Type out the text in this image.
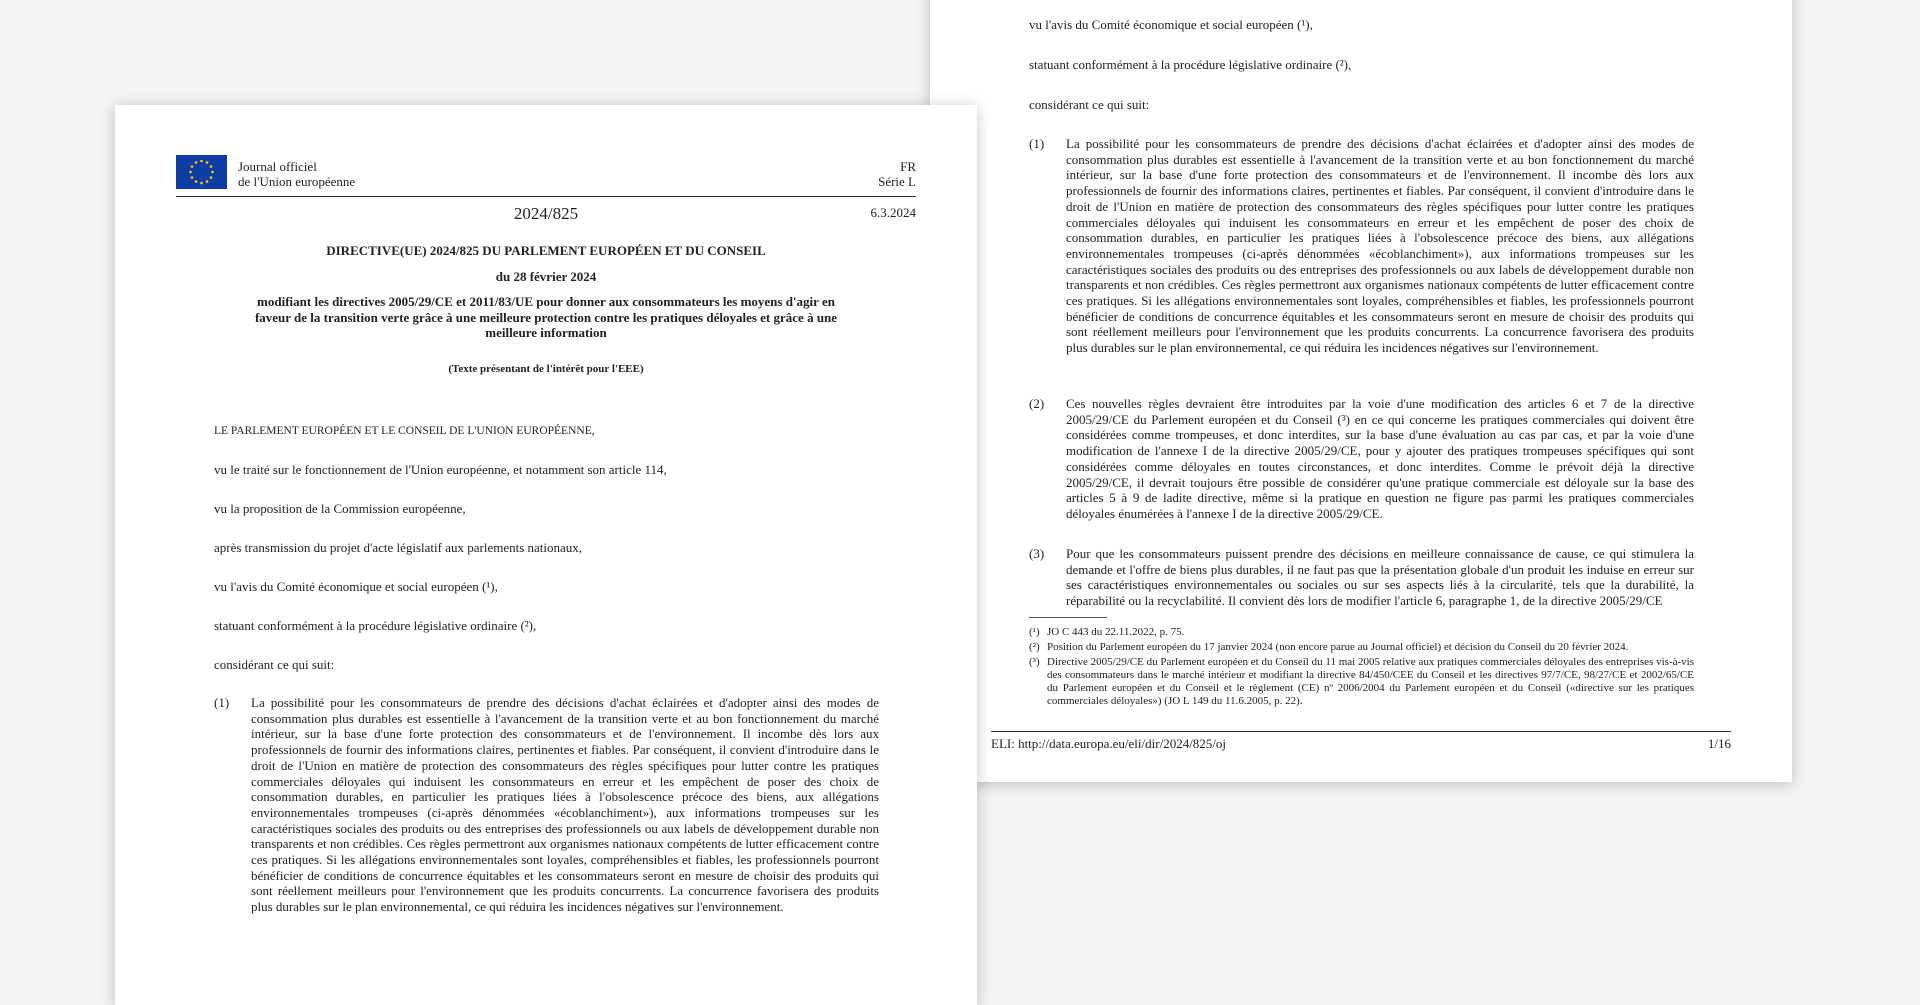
vu l'avis du Comité économique et social européen (¹),
statuant conformément à la procédure législative ordinaire (²),
considérant ce qui suit:
(1) La possibilité pour les consommateurs de prendre des décisions d'achat éclairées et d'adopter ainsi des modes de consommation plus durables est essentielle à l'avancement de la transition verte et au bon fonctionnement du marché intérieur, sur la base d'une forte protection des consommateurs et de l'environnement. Il incombe dès lors aux professionnels de fournir des informations claires, pertinentes et fiables. Par conséquent, il convient d'introduire dans le droit de l'Union en matière de protection des consommateurs des règles spécifiques pour lutter contre les pratiques commerciales déloyales qui induisent les consommateurs en erreur et les empêchent de poser des choix de consommation durables, en particulier les pratiques liées à l'obsolescence précoce des biens, aux allégations environnementales trompeuses (ci-après dénommées «écoblanchiment»), aux informations trompeuses sur les caractéristiques sociales des produits ou des entreprises des professionnels ou aux labels de développement durable non transparents et non crédibles. Ces règles permettront aux organismes nationaux compétents de lutter efficacement contre ces pratiques. Si les allégations environnementales sont loyales, compréhensibles et fiables, les professionnels pourront bénéficier de conditions de concurrence équitables et les consommateurs seront en mesure de choisir des produits qui sont réellement meilleurs pour l'environnement que les produits concurrents. La concurrence favorisera des produits plus durables sur le plan environnemental, ce qui réduira les incidences négatives sur l'environnement.
(2) Ces nouvelles règles devraient être introduites par la voie d'une modification des articles 6 et 7 de la directive 2005/29/CE du Parlement européen et du Conseil (³) en ce qui concerne les pratiques commerciales qui doivent être considérées comme trompeuses, et donc interdites, sur la base d'une évaluation au cas par cas, et par la voie d'une modification de l'annexe I de la directive 2005/29/CE, pour y ajouter des pratiques trompeuses spécifiques qui sont considérées comme déloyales en toutes circonstances, et donc interdites. Comme le prévoit déjà la directive 2005/29/CE, il devrait toujours être possible de considérer qu'une pratique commerciale est déloyale sur la base des articles 5 à 9 de ladite directive, même si la pratique en question ne figure pas parmi les pratiques commerciales déloyales énumérées à l'annexe I de la directive 2005/29/CE.
(3) Pour que les consommateurs puissent prendre des décisions en meilleure connaissance de cause, ce qui stimulera la demande et l'offre de biens plus durables, il ne faut pas que la présentation globale d'un produit les induise en erreur sur ses caractéristiques environnementales ou sociales ou sur ses aspects liés à la circularité, tels que la durabilité, la réparabilité ou la recyclabilité. Il convient dès lors de modifier l'article 6, paragraphe 1, de la directive 2005/29/CE
(¹) JO C 443 du 22.11.2022, p. 75.
(²) Position du Parlement européen du 17 janvier 2024 (non encore parue au Journal officiel) et décision du Conseil du 20 février 2024.
(³) Directive 2005/29/CE du Parlement européen et du Conseil du 11 mai 2005 relative aux pratiques commerciales déloyales des entreprises vis-à-vis des consommateurs dans le marché intérieur et modifiant la directive 84/450/CEE du Conseil et les directives 97/7/CE, 98/27/CE et 2002/65/CE du Parlement européen et du Conseil et le règlement (CE) nº 2006/2004 du Parlement européen et du Conseil («directive sur les pratiques commerciales déloyales») (JO L 149 du 11.6.2005, p. 22).
ELI: http://data.europa.eu/eli/dir/2024/825/oj	1/16
Journal officiel
de l'Union européenne
FR
Série L
2024/825	6.3.2024
DIRECTIVE(UE) 2024/825 DU PARLEMENT EUROPÉEN ET DU CONSEIL
du 28 février 2024
modifiant les directives 2005/29/CE et 2011/83/UE pour donner aux consommateurs les moyens d'agir en faveur de la transition verte grâce à une meilleure protection contre les pratiques déloyales et grâce à une meilleure information
(Texte présentant de l'intérêt pour l'EEE)
LE PARLEMENT EUROPÉEN ET LE CONSEIL DE L'UNION EUROPÉENNE,
vu le traité sur le fonctionnement de l'Union européenne, et notamment son article 114,
vu la proposition de la Commission européenne,
après transmission du projet d'acte législatif aux parlements nationaux,
vu l'avis du Comité économique et social européen (¹),
statuant conformément à la procédure législative ordinaire (²),
considérant ce qui suit:
(1) La possibilité pour les consommateurs de prendre des décisions d'achat éclairées et d'adopter ainsi des modes de consommation plus durables est essentielle à l'avancement de la transition verte et au bon fonctionnement du marché intérieur, sur la base d'une forte protection des consommateurs et de l'environnement. Il incombe dès lors aux professionnels de fournir des informations claires, pertinentes et fiables. Par conséquent, il convient d'introduire dans le droit de l'Union en matière de protection des consommateurs des règles spécifiques pour lutter contre les pratiques commerciales déloyales qui induisent les consommateurs en erreur et les empêchent de poser des choix de consommation durables, en particulier les pratiques liées à l'obsolescence précoce des biens, aux allégations environnementales trompeuses (ci-après dénommées «écoblanchiment»), aux informations trompeuses sur les caractéristiques sociales des produits ou des entreprises des professionnels ou aux labels de développement durable non transparents et non crédibles. Ces règles permettront aux organismes nationaux compétents de lutter efficacement contre ces pratiques. Si les allégations environnementales sont loyales, compréhensibles et fiables, les professionnels pourront bénéficier de conditions de concurrence équitables et les consommateurs seront en mesure de choisir des produits qui sont réellement meilleurs pour l'environnement que les produits concurrents. La concurrence favorisera des produits plus durables sur le plan environnemental, ce qui réduira les incidences négatives sur l'environnement.
